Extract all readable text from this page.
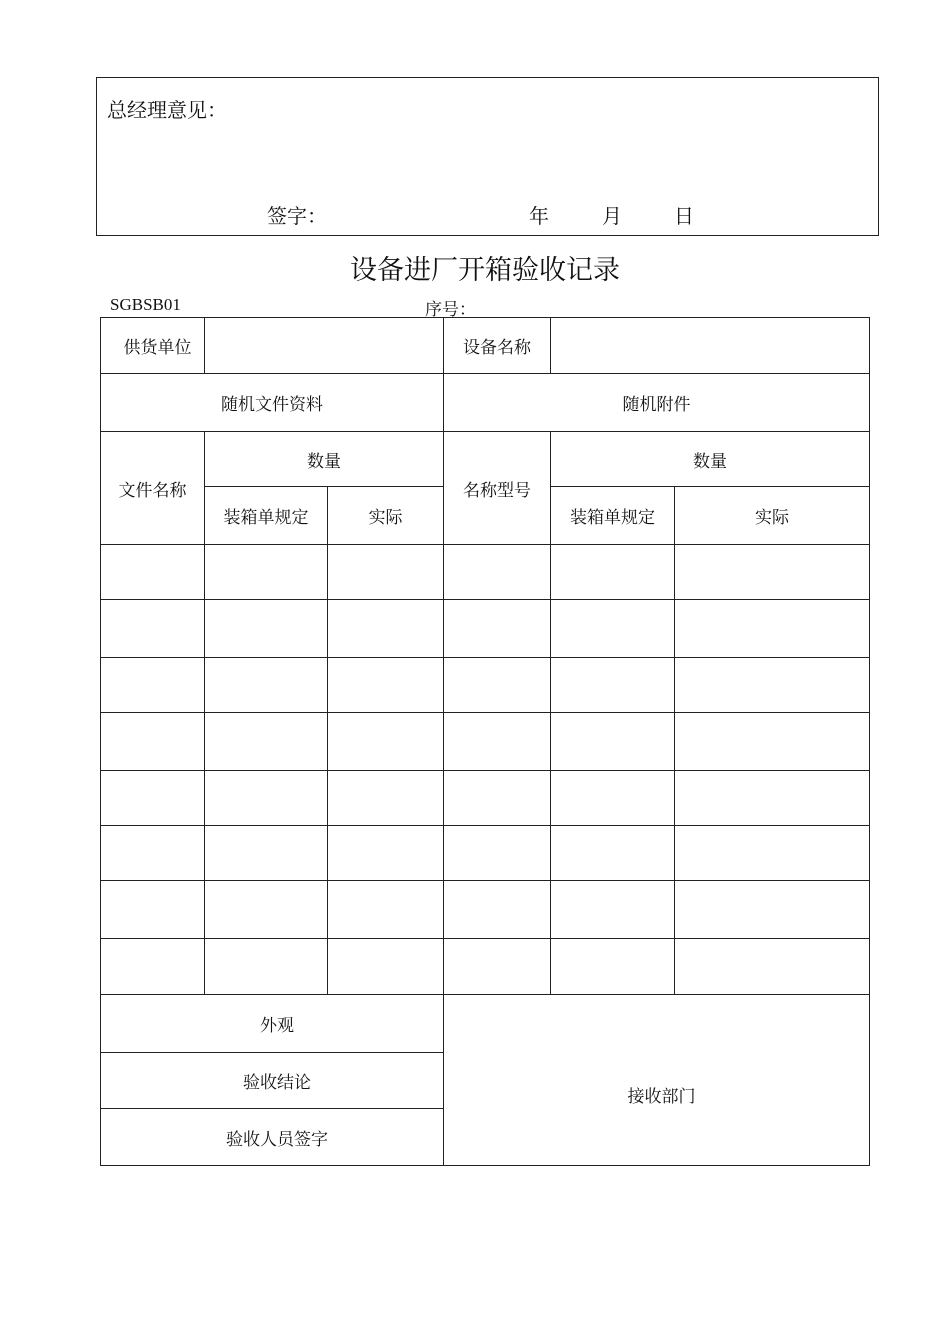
总经理意见：
签字：	年	月	日
设备进厂开箱验收记录
SGBSB01	序号：
供货单位			设备名称		
随机文件资料			随机附件		
文件名称	数量		名称型号	数量	
	装箱单规定	实际		装箱单规定	实际

外观			接收部门		
验收结论					
验收人员签字					
